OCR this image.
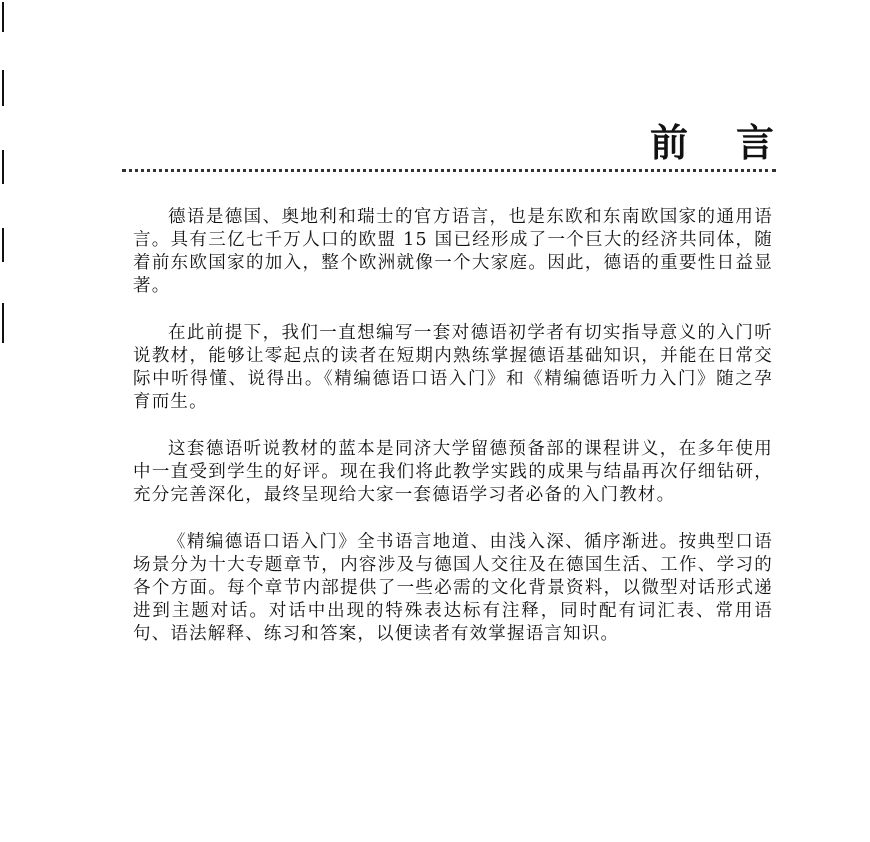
前言

德语是德国、奥地利和瑞士的官方语言，也是东欧和东南欧国家的通用语言。具有三亿七千万人口的欧盟 15 国已经形成了一个巨大的经济共同体，随着前东欧国家的加入，整个欧洲就像一个大家庭。因此，德语的重要性日益显著。

在此前提下，我们一直想编写一套对德语初学者有切实指导意义的入门听说教材，能够让零起点的读者在短期内熟练掌握德语基础知识，并能在日常交际中听得懂、说得出。《精编德语口语入门》和《精编德语听力入门》随之孕育而生。

这套德语听说教材的蓝本是同济大学留德预备部的课程讲义，在多年使用中一直受到学生的好评。现在我们将此教学实践的成果与结晶再次仔细钻研，充分完善深化，最终呈现给大家一套德语学习者必备的入门教材。

《精编德语口语入门》全书语言地道、由浅入深、循序渐进。按典型口语场景分为十大专题章节，内容涉及与德国人交往及在德国生活、工作、学习的各个方面。每个章节内部提供了一些必需的文化背景资料，以微型对话形式递进到主题对话。对话中出现的特殊表达标有注释，同时配有词汇表、常用语句、语法解释、练习和答案，以便读者有效掌握语言知识。
